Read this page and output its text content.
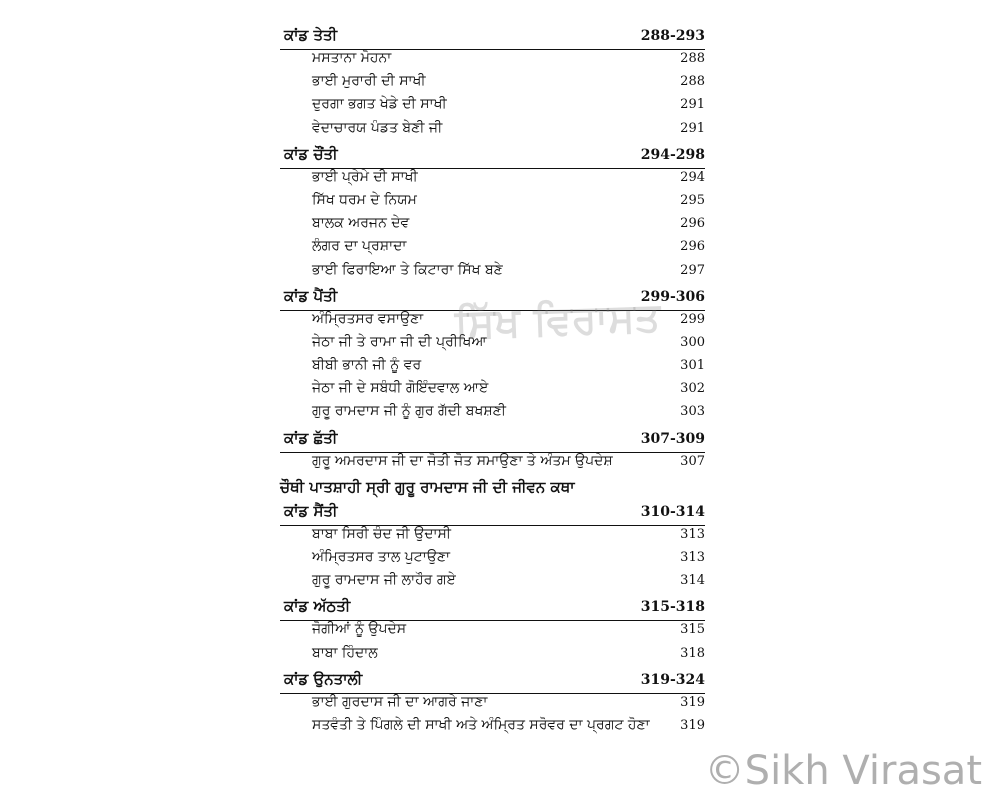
ਕਾਂਡ ਤੇਤੀ	288-293
ਮਸਤਾਨਾ ਮੋਹਨਾ	288
ਭਾਈ ਮੁਰਾਰੀ ਦੀ ਸਾਖੀ	288
ਦੁਰਗਾ ਭਗਤ ਖੇਡੇ ਦੀ ਸਾਖੀ	291
ਵੇਦਾਚਾਰਯ ਪੰਡਤ ਬੇਣੀ ਜੀ	291
ਕਾਂਡ ਚੌਂਤੀ	294-298
ਭਾਈ ਪ੍ਰੇਮੇ ਦੀ ਸਾਖੀ	294
ਸਿੱਖ ਧਰਮ ਦੇ ਨਿਯਮ	295
ਬਾਲਕ ਅਰਜਨ ਦੇਵ	296
ਲੰਗਰ ਦਾ ਪ੍ਰਸ਼ਾਦਾ	296
ਭਾਈ ਫਿਰਾਇਆ ਤੇ ਕਿਟਾਰਾ ਸਿੱਖ ਬਣੇ	297
ਕਾਂਡ ਪੈਂਤੀ	299-306
ਅੰਮ੍ਰਿਤਸਰ ਵਸਾਉਣਾ	299
ਜੇਠਾ ਜੀ ਤੇ ਰਾਮਾ ਜੀ ਦੀ ਪ੍ਰੀਖਿਆ	300
ਬੀਬੀ ਭਾਨੀ ਜੀ ਨੂੰ ਵਰ	301
ਜੇਠਾ ਜੀ ਦੇ ਸਬੰਧੀ ਗੋਇੰਦਵਾਲ ਆਏ	302
ਗੁਰੂ ਰਾਮਦਾਸ ਜੀ ਨੂੰ ਗੁਰ ਗੱਦੀ ਬਖਸ਼ਣੀ	303
ਕਾਂਡ ਛੱਤੀ	307-309
ਗੁਰੂ ਅਮਰਦਾਸ ਜੀ ਦਾ ਜੋਤੀ ਜੋਤ ਸਮਾਉਣਾ ਤੇ ਅੰਤਮ ਉਪਦੇਸ਼	307
ਚੌਥੀ ਪਾਤਸ਼ਾਹੀ ਸ੍ਰੀ ਗੁਰੂ ਰਾਮਦਾਸ ਜੀ ਦੀ ਜੀਵਨ ਕਥਾ
ਕਾਂਡ ਸੈਂਤੀ	310-314
ਬਾਬਾ ਸਿਰੀ ਚੰਦ ਜੀ ਉਦਾਸੀ	313
ਅੰਮ੍ਰਿਤਸਰ ਤਾਲ ਪੁਟਾਉਣਾ	313
ਗੁਰੂ ਰਾਮਦਾਸ ਜੀ ਲਾਹੌਰ ਗਏ	314
ਕਾਂਡ ਅੱਠਤੀ	315-318
ਜੋਗੀਆਂ ਨੂੰ ਉਪਦੇਸ	315
ਬਾਬਾ ਹਿੰਦਾਲ	318
ਕਾਂਡ ਉਨਤਾਲੀ	319-324
ਭਾਈ ਗੁਰਦਾਸ ਜੀ ਦਾ ਆਗਰੇ ਜਾਣਾ	319
ਸਤਵੰਤੀ ਤੇ ਪਿੰਗਲੇ ਦੀ ਸਾਖੀ ਅਤੇ ਅੰਮ੍ਰਿਤ ਸਰੋਵਰ ਦਾ ਪ੍ਰਗਟ ਹੋਣਾ 319
ਸਿੱਖ ਵਿਰਾਸਤ
©Sikh Virasat
